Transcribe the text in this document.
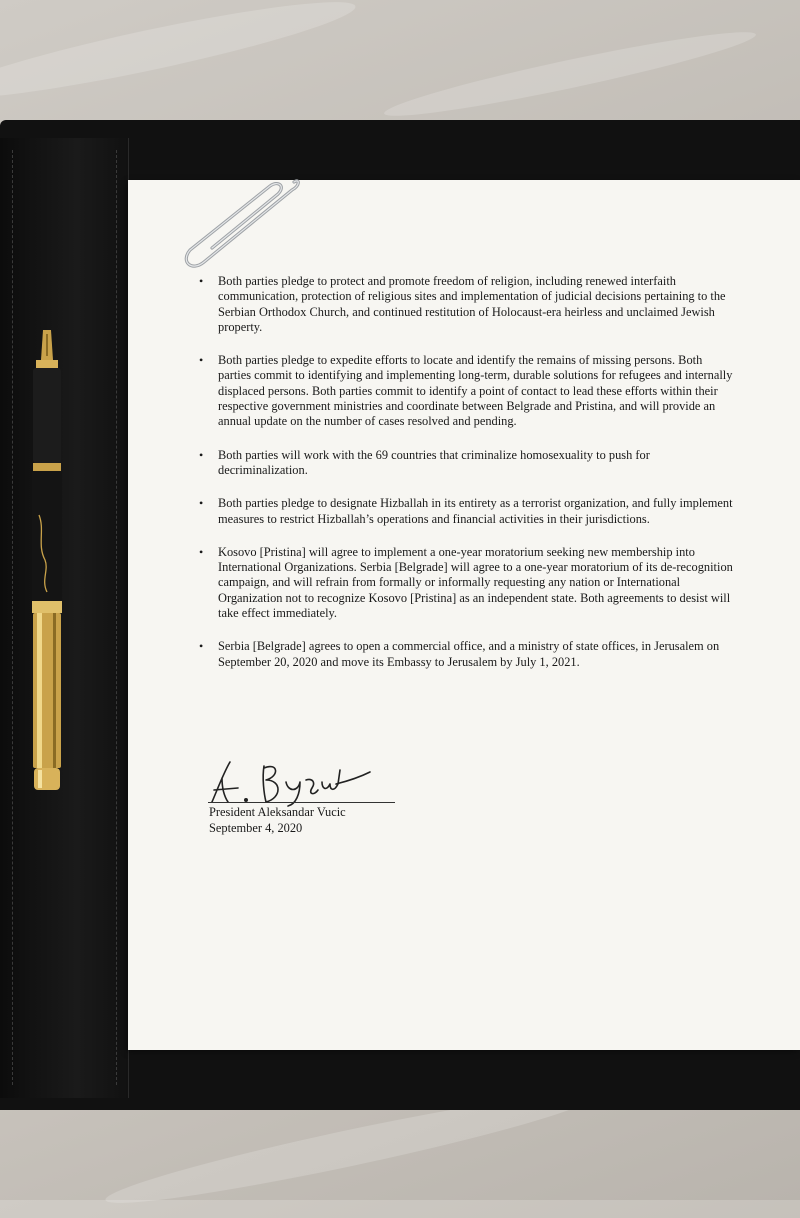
• Both parties pledge to protect and promote freedom of religion, including renewed interfaith communication, protection of religious sites and implementation of judicial decisions pertaining to the Serbian Orthodox Church, and continued restitution of Holocaust-era heirless and unclaimed Jewish property.
• Both parties pledge to expedite efforts to locate and identify the remains of missing persons. Both parties commit to identifying and implementing long-term, durable solutions for refugees and internally displaced persons. Both parties commit to identify a point of contact to lead these efforts within their respective government ministries and coordinate between Belgrade and Pristina, and will provide an annual update on the number of cases resolved and pending.
• Both parties will work with the 69 countries that criminalize homosexuality to push for decriminalization.
• Both parties pledge to designate Hizballah in its entirety as a terrorist organization, and fully implement measures to restrict Hizballah’s operations and financial activities in their jurisdictions.
• Kosovo [Pristina] will agree to implement a one-year moratorium seeking new membership into International Organizations. Serbia [Belgrade] will agree to a one-year moratorium of its de-recognition campaign, and will refrain from formally or informally requesting any nation or International Organization not to recognize Kosovo [Pristina] as an independent state. Both agreements to desist will take effect immediately.
• Serbia [Belgrade] agrees to open a commercial office, and a ministry of state offices, in Jerusalem on September 20, 2020 and move its Embassy to Jerusalem by July 1, 2021.
President Aleksandar Vucic
September 4, 2020
